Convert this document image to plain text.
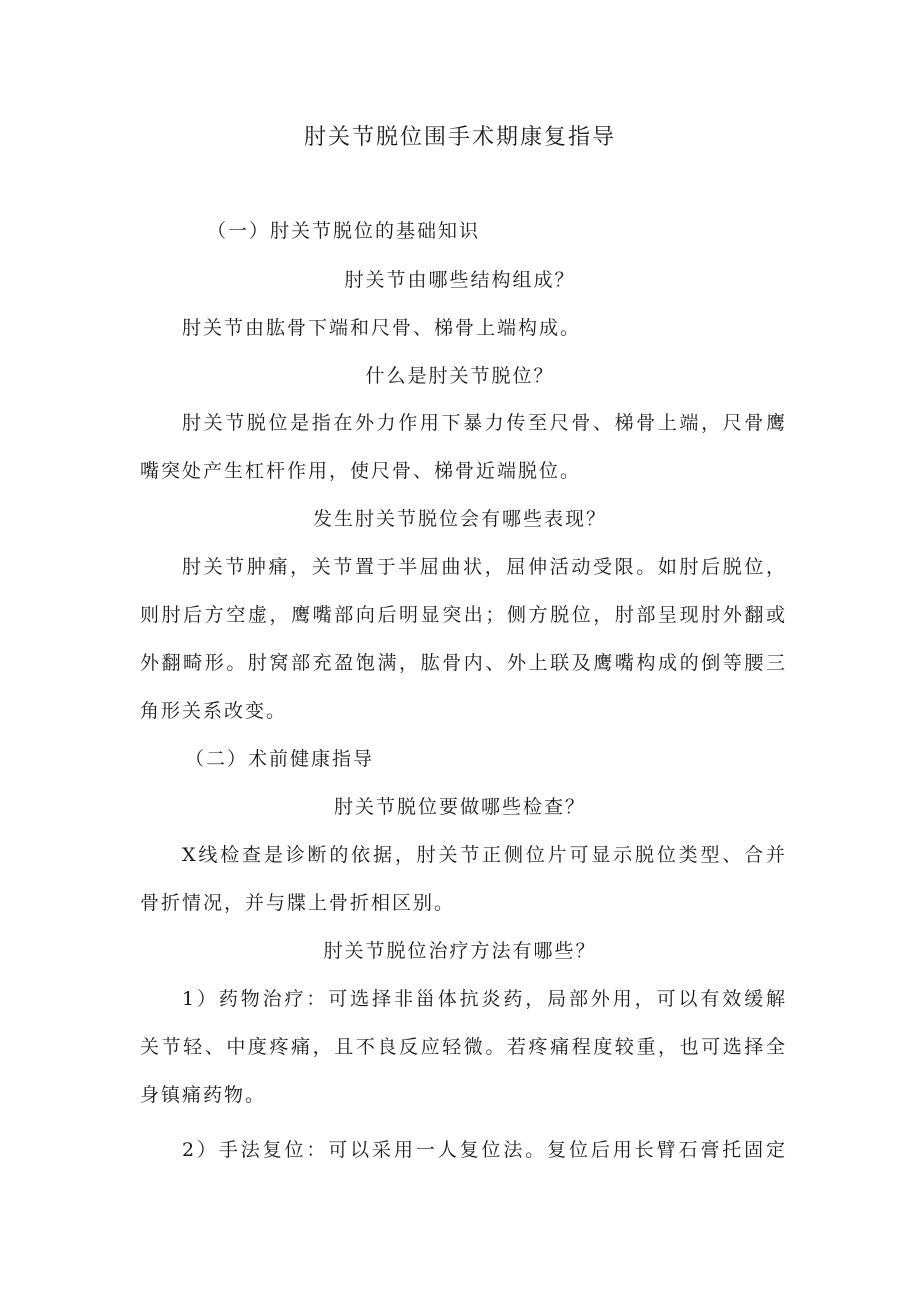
肘关节脱位围手术期康复指导

（一）肘关节脱位的基础知识

肘关节由哪些结构组成？

肘关节由肱骨下端和尺骨、梯骨上端构成。

什么是肘关节脱位？

肘关节脱位是指在外力作用下暴力传至尺骨、梯骨上端，尺骨鹰

嘴突处产生杠杆作用，使尺骨、梯骨近端脱位。

发生肘关节脱位会有哪些表现？

肘关节肿痛，关节置于半屈曲状，屈伸活动受限。如肘后脱位，

则肘后方空虚，鹰嘴部向后明显突出；侧方脱位，肘部呈现肘外翻或

外翻畸形。肘窝部充盈饱满，肱骨内、外上联及鹰嘴构成的倒等腰三

角形关系改变。

（二）术前健康指导

肘关节脱位要做哪些检查？

X线检查是诊断的依据，肘关节正侧位片可显示脱位类型、合并

骨折情况，并与牒上骨折相区别。

肘关节脱位治疗方法有哪些？

1）药物治疗：可选择非甾体抗炎药，局部外用，可以有效缓解

关节轻、中度疼痛，且不良反应轻微。若疼痛程度较重，也可选择全

身镇痛药物。

2）手法复位：可以采用一人复位法。复位后用长臂石膏托固定
